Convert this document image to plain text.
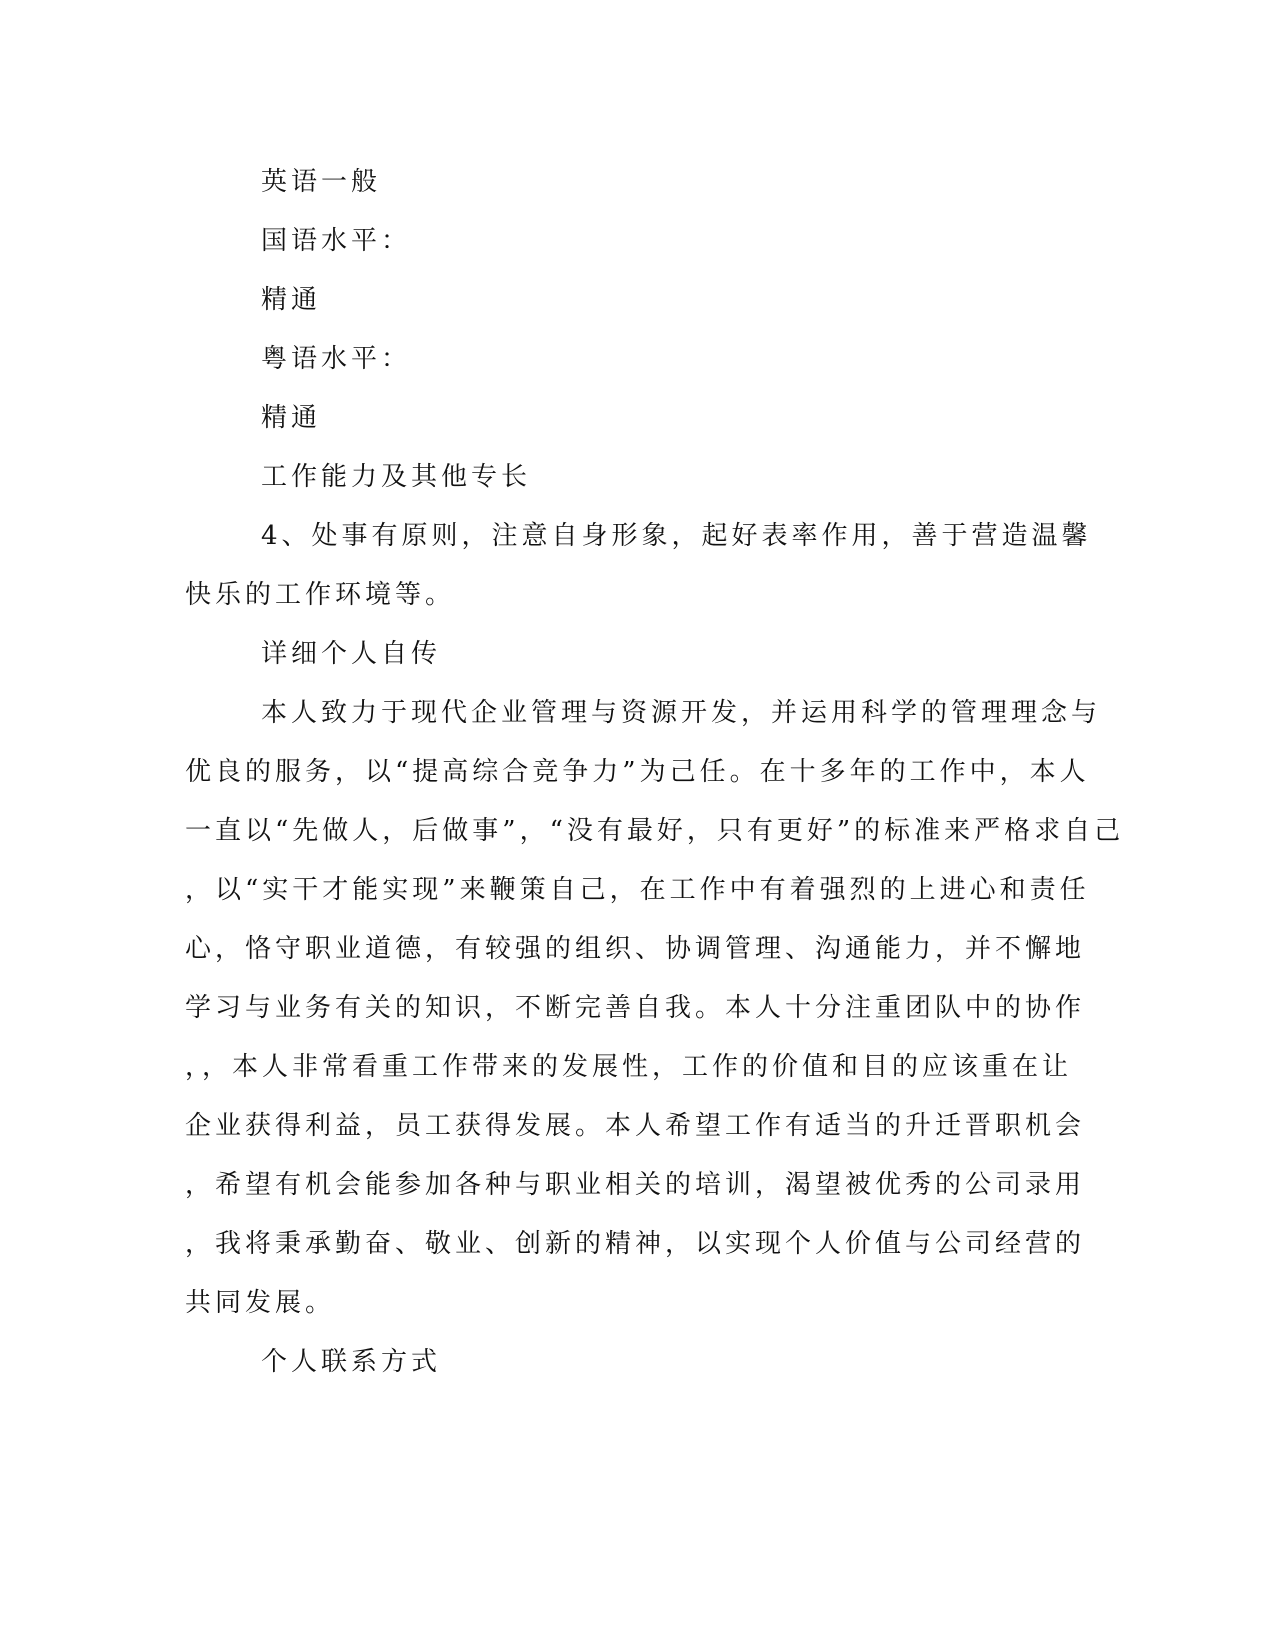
英语一般

国语水平：

精通

粤语水平：

精通

工作能力及其他专长

4、处事有原则，注意自身形象，起好表率作用，善于营造温馨

快乐的工作环境等。

详细个人自传

本人致力于现代企业管理与资源开发，并运用科学的管理理念与

优良的服务，以“提高综合竞争力”为己任。在十多年的工作中，本人

一直以“先做人，后做事”，“没有最好，只有更好”的标准来严格求自己

，以“实干才能实现”来鞭策自己，在工作中有着强烈的上进心和责任

心，恪守职业道德，有较强的组织、协调管理、沟通能力，并不懈地

学习与业务有关的知识，不断完善自我。本人十分注重团队中的协作

，，本人非常看重工作带来的发展性，工作的价值和目的应该重在让

企业获得利益，员工获得发展。本人希望工作有适当的升迁晋职机会

，希望有机会能参加各种与职业相关的培训，渴望被优秀的公司录用

，我将秉承勤奋、敬业、创新的精神，以实现个人价值与公司经营的

共同发展。

个人联系方式
